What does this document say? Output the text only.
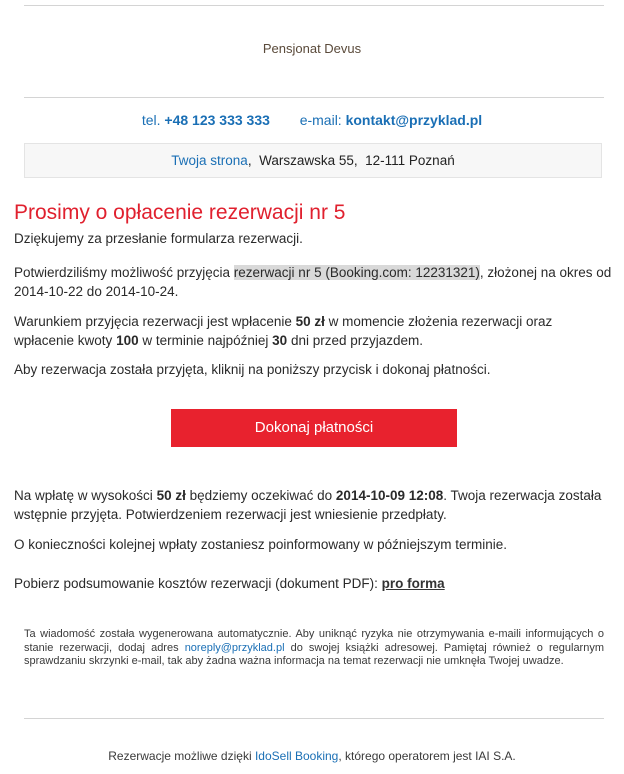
Pensjonat Devus
tel. +48 123 333 333 e-mail: kontakt@przyklad.pl
Twoja strona,  Warszawska 55, 12-111 Poznań
Prosimy o opłacenie rezerwacji nr 5

Dziękujemy za przesłanie formularza rezerwacji.

Potwierdziliśmy możliwość przyjęcia rezerwacji nr 5 (Booking.com: 12231321), złożonej na okres od 2014-10-22 do 2014-10-24.

Warunkiem przyjęcia rezerwacji jest wpłacenie 50 zł w momencie złożenia rezerwacji oraz wpłacenie kwoty 100 w terminie najpóźniej 30 dni przed przyjazdem.

Aby rezerwacja została przyjęta, kliknij na poniższy przycisk i dokonaj płatności.

Dokonaj płatności

Na wpłatę w wysokości 50 zł będziemy oczekiwać do 2014-10-09 12:08. Twoja rezerwacja została wstępnie przyjęta. Potwierdzeniem rezerwacji jest wniesienie przedpłaty.

O konieczności kolejnej wpłaty zostaniesz poinformowany w późniejszym terminie.

Pobierz podsumowanie kosztów rezerwacji (dokument PDF): pro forma

Ta wiadomość została wygenerowana automatycznie. Aby uniknąć ryzyka nie otrzymywania e-maili informujących o stanie rezerwacji, dodaj adres noreply@przyklad.pl do swojej książki adresowej. Pamiętaj również o regularnym sprawdzaniu skrzynki e-mail, tak aby żadna ważna informacja na temat rezerwacji nie umknęła Twojej uwadze.

Rezerwacje możliwe dzięki IdoSell Booking, którego operatorem jest IAI S.A.
